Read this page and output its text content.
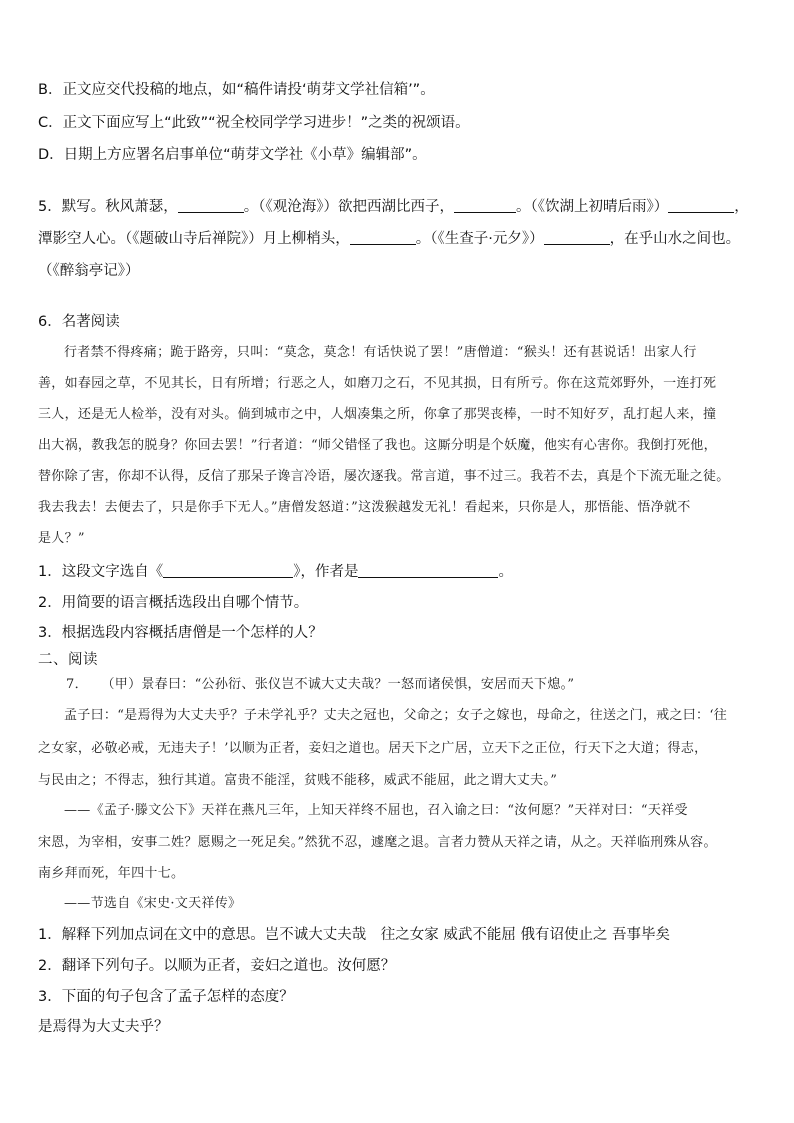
B．正文应交代投稿的地点，如“稿件请投‘萌芽文学社信箱’”。
C．正文下面应写上“此致”“祝全校同学学习进步！”之类的祝颂语。
D．日期上方应署名启事单位“萌芽文学社《小草》编辑部”。
5．默写。秋风萧瑟，	。（《观沧海》）欲把西湖比西子，	。（《饮湖上初晴后雨》）	，
潭影空人心。（《题破山寺后禅院》）月上柳梢头，	。（《生查子·元夕》）	，在乎山水之间也。
（《醉翁亭记》）
6．名著阅读
行者禁不得疼痛；跪于路旁，只叫：“莫念，莫念！有话快说了罢！”唐僧道：“猴头！还有甚说话！出家人行
善，如春园之草，不见其长，日有所增；行恶之人，如磨刀之石，不见其损，日有所亏。你在这荒郊野外，一连打死
三人，还是无人检举，没有对头。倘到城市之中，人烟凑集之所，你拿了那哭丧棒，一时不知好歹，乱打起人来，撞
出大祸，教我怎的脱身？你回去罢！”行者道：“师父错怪了我也。这厮分明是个妖魔，他实有心害你。我倒打死他，
替你除了害，你却不认得，反信了那呆子谗言冷语，屡次逐我。常言道，事不过三。我若不去，真是个下流无耻之徒。
我去我去！去便去了，只是你手下无人。”唐僧发怒道：”这泼猴越发无礼！看起来，只你是人，那悟能、悟净就不
是人？”
1．这段文字选自《	》，作者是	。
2．用简要的语言概括选段出自哪个情节。
3．根据选段内容概括唐僧是一个怎样的人？
二、阅读
7．　　（甲）景春曰：“公孙衍、张仪岂不诚大丈夫哉？一怒而诸侯惧，安居而天下熄。”
孟子曰：“是焉得为大丈夫乎？子未学礼乎？丈夫之冠也，父命之；女子之嫁也，母命之，往送之门，戒之曰：‘往
之女家，必敬必戒，无违夫子！’以顺为正者，妾妇之道也。居天下之广居，立天下之正位，行天下之大道；得志，
与民由之；不得志，独行其道。富贵不能淫，贫贱不能移，威武不能屈，此之谓大丈夫。”
——《孟子·滕文公下》天祥在燕凡三年，上知天祥终不屈也，召入谕之曰：“汝何愿？”天祥对曰：“天祥受
宋恩，为宰相，安事二姓？愿赐之一死足矣。”然犹不忍，遽麾之退。言者力赞从天祥之请，从之。天祥临刑殊从容。
南乡拜而死，年四十七。
——节选自《宋史·文天祥传》
1．解释下列加点词在文中的意思。岂不诚大丈夫哉　往之女家 威武不能屈 俄有诏使止之 吾事毕矣
2．翻译下列句子。以顺为正者，妾妇之道也。汝何愿？
3．下面的句子包含了孟子怎样的态度？
是焉得为大丈夫乎？
